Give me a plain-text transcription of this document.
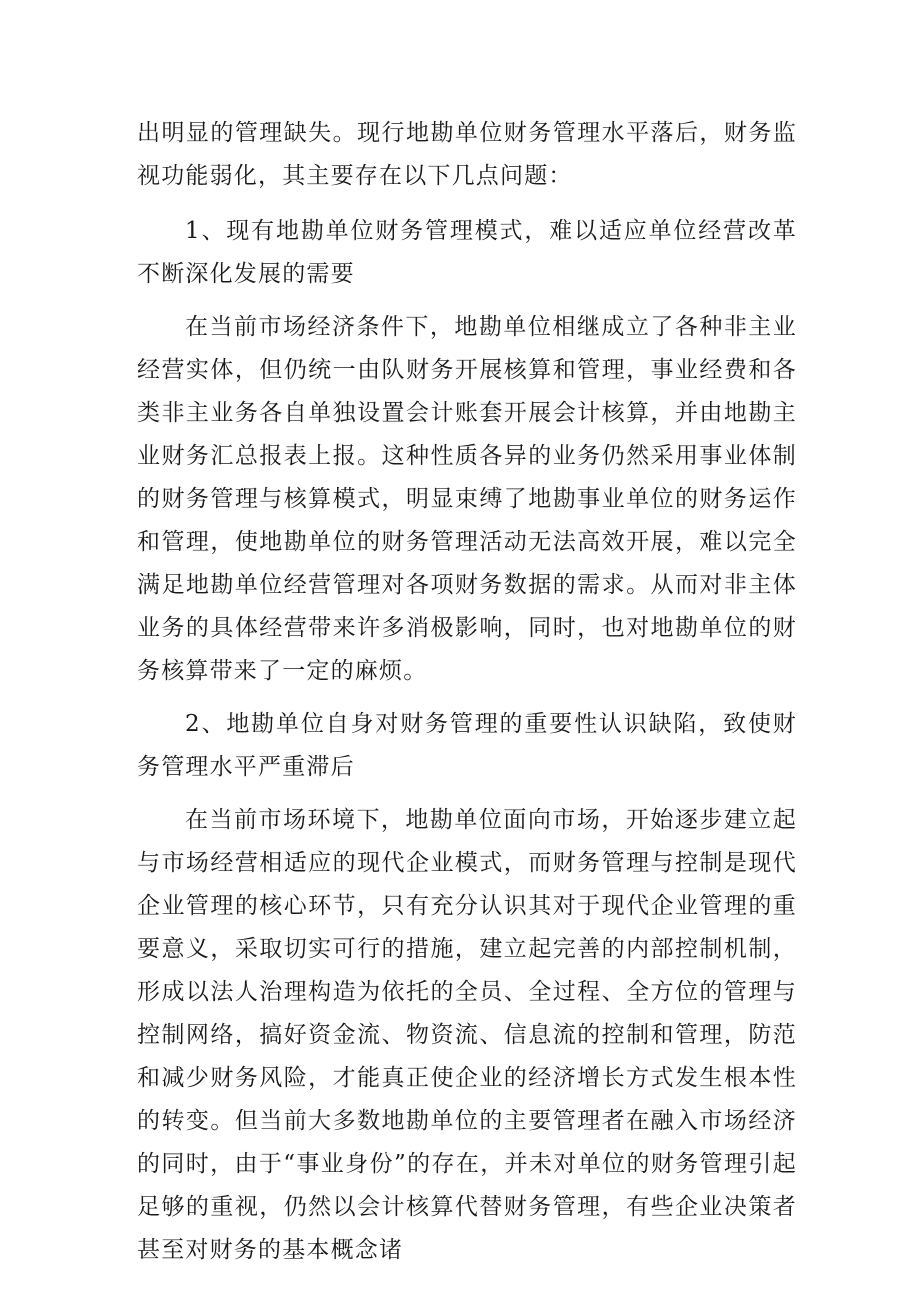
出明显的管理缺失。现行地勘单位财务管理水平落后，财务监视功能弱化，其主要存在以下几点问题：

1、现有地勘单位财务管理模式，难以适应单位经营改革不断深化发展的需要

在当前市场经济条件下，地勘单位相继成立了各种非主业经营实体，但仍统一由队财务开展核算和管理，事业经费和各类非主业务各自单独设置会计账套开展会计核算，并由地勘主业财务汇总报表上报。这种性质各异的业务仍然采用事业体制的财务管理与核算模式，明显束缚了地勘事业单位的财务运作和管理，使地勘单位的财务管理活动无法高效开展，难以完全满足地勘单位经营管理对各项财务数据的需求。从而对非主体业务的具体经营带来许多消极影响，同时，也对地勘单位的财务核算带来了一定的麻烦。

2、地勘单位自身对财务管理的重要性认识缺陷，致使财务管理水平严重滞后

在当前市场环境下，地勘单位面向市场，开始逐步建立起与市场经营相适应的现代企业模式，而财务管理与控制是现代企业管理的核心环节，只有充分认识其对于现代企业管理的重要意义，采取切实可行的措施，建立起完善的内部控制机制，形成以法人治理构造为依托的全员、全过程、全方位的管理与控制网络，搞好资金流、物资流、信息流的控制和管理，防范和减少财务风险，才能真正使企业的经济增长方式发生根本性的转变。但当前大多数地勘单位的主要管理者在融入市场经济的同时，由于“事业身份”的存在，并未对单位的财务管理引起足够的重视，仍然以会计核算代替财务管理，有些企业决策者甚至对财务的基本概念诸
